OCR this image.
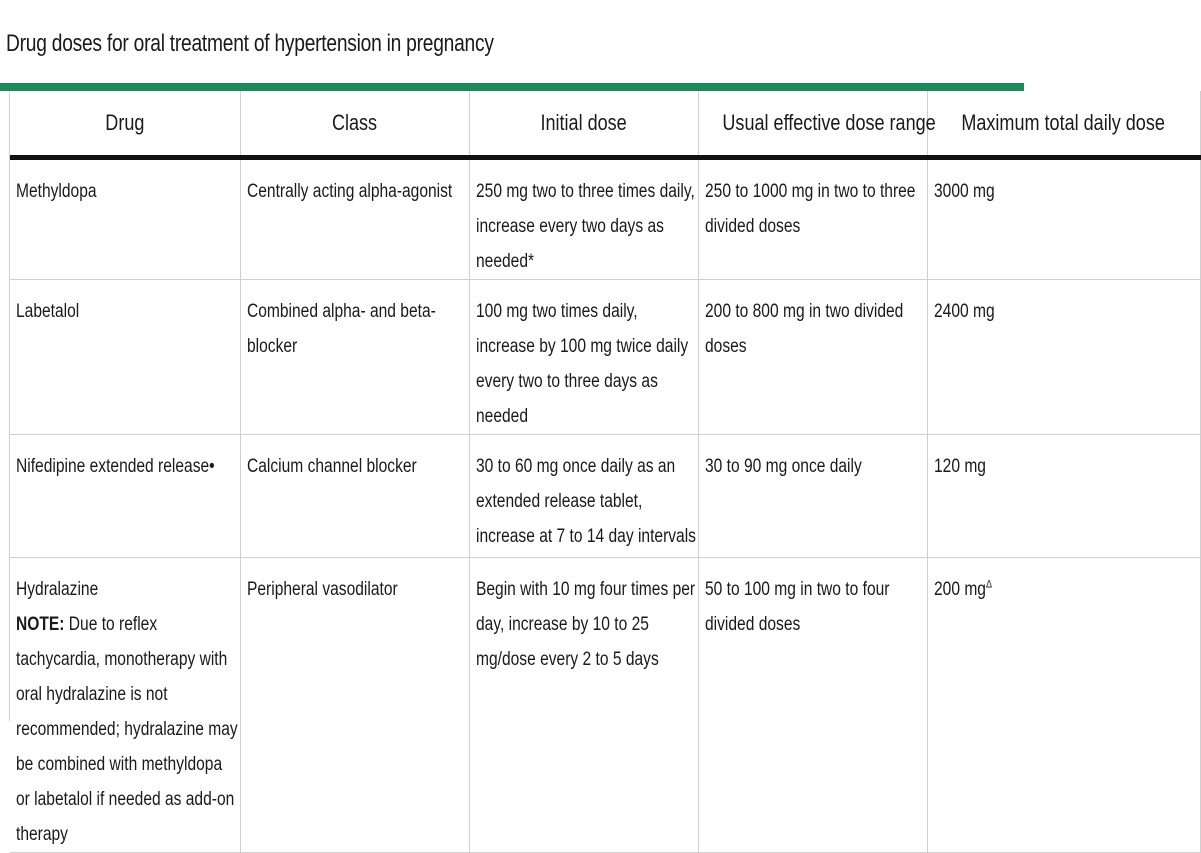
Drug doses for oral treatment of hypertension in pregnancy
Drug	Class	Initial dose	Usual effective dose range	Maximum total daily dose

Methyldopa	Centrally acting alpha-agonist	250 mg two to three times daily, increase every two days as needed*	250 to 1000 mg in two to three divided doses	3000 mg

Labetalol	Combined alpha- and beta-blocker	100 mg two times daily, increase by 100 mg twice daily every two to three days as needed	200 to 800 mg in two divided doses	2400 mg

Nifedipine extended release•	Calcium channel blocker	30 to 60 mg once daily as an extended release tablet, increase at 7 to 14 day intervals	30 to 90 mg once daily	120 mg

Hydralazine
NOTE: Due to reflex tachycardia, monotherapy with oral hydralazine is not recommended; hydralazine may be combined with methyldopa or labetalol if needed as add-on therapy	Peripheral vasodilator	Begin with 10 mg four times per day, increase by 10 to 25 mg/dose every 2 to 5 days	50 to 100 mg in two to four divided doses	200 $mg^\Delta$
